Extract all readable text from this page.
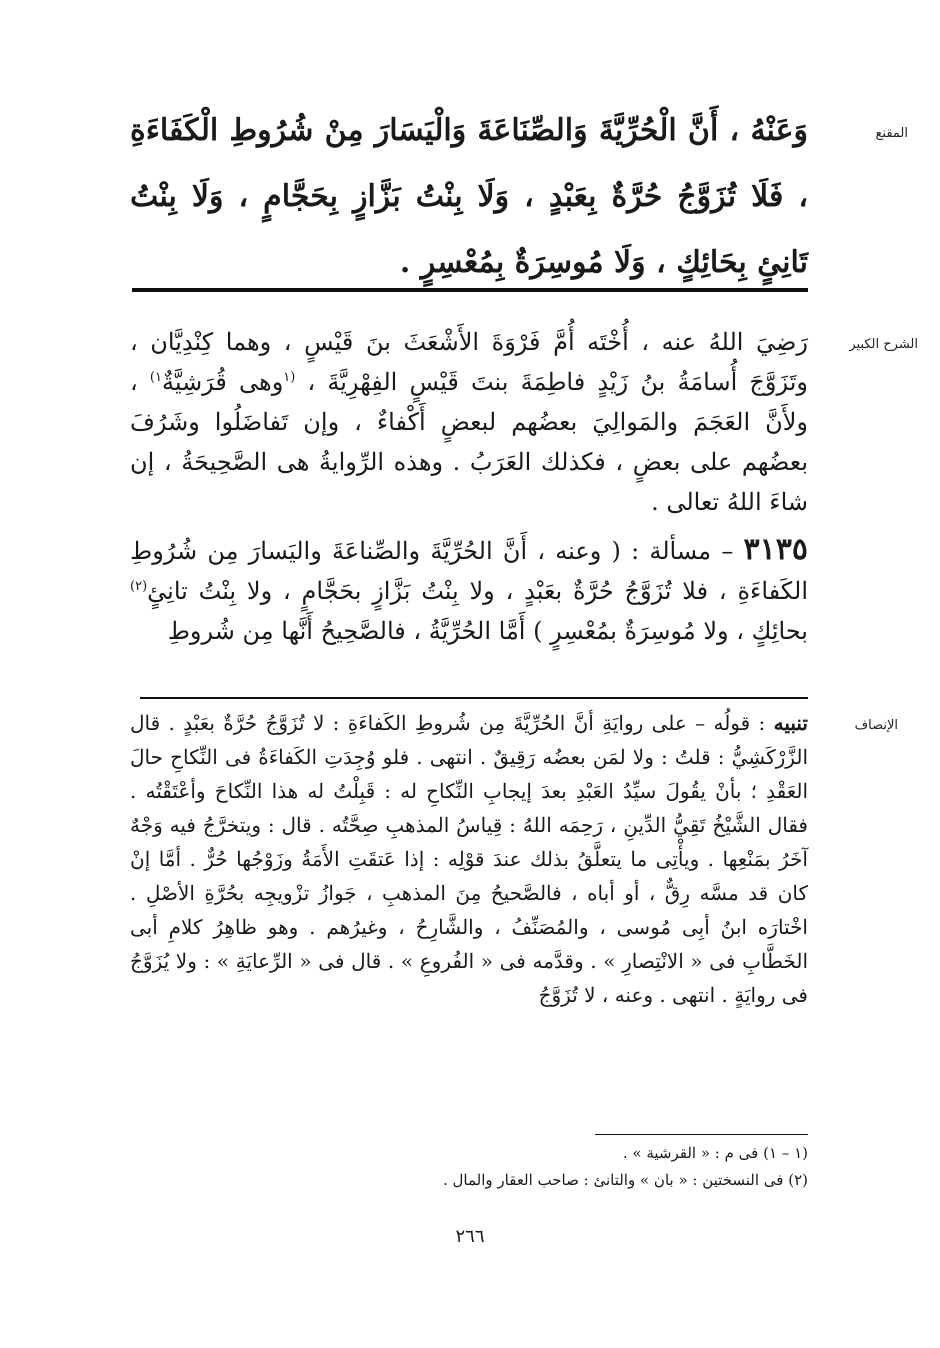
المقنع

وَعَنْهُ ، أَنَّ الْحُرِّيَّةَ وَالصِّنَاعَةَ وَالْيَسَارَ مِنْ شُرُوطِ الْكَفَاءَةِ ، فَلَا تُزَوَّجُ حُرَّةٌ بِعَبْدٍ ، وَلَا بِنْتُ بَزَّازٍ بِحَجَّامٍ ، وَلَا بِنْتُ تَانِئٍ بِحَائِكٍ ، وَلَا مُوسِرَةٌ بِمُعْسِرٍ .

الشرح الكبير

رَضِيَ اللهُ عنه ، أُخْتَه أُمَّ فَرْوَةَ الأَشْعَثَ بنَ قَيْسٍ ، وهما كِنْدِيَّان ، وتَزَوَّجَ أُسامَةُ بنُ زَيْدٍ فاطِمَةَ بنتَ قَيْسٍ الفِهْرِيَّةَ ، $^{(١}$وهى قُرَشِيَّةٌ$^{١)}$ ، ولأَنَّ العَجَمَ والمَوالِيَ بعضُهم لبعضٍ أَكْفاءٌ ، وإن تَفاضَلُوا وشَرُفَ بعضُهم على بعضٍ ، فكذلك العَرَبُ . وهذه الرِّوايةُ هى الصَّحِيحَةُ ، إن شاءَ اللهُ تعالى .

٣١٣٥ – مسألة : ( وعنه ، أَنَّ الحُرِّيَّةَ والصِّناعَةَ واليَسارَ مِن شُرُوطِ الكَفاءَةِ ، فلا تُزَوَّجُ حُرَّةٌ بعَبْدٍ ، ولا بِنْتُ بَزَّازٍ بحَجَّامٍ ، ولا بِنْتُ تانِئٍ$^{(٢)}$ بحائِكٍ ، ولا مُوسِرَةٌ بمُعْسِرٍ ) أَمَّا الحُرِّيَّةُ ، فالصَّحِيحُ أَنَّها مِن شُروطِ

الإنصاف

تنبيه : قولُه – على روايَةِ أنَّ الحُرِّيَّةَ مِن شُروطِ الكَفاءَةِ : لا تُزَوَّجُ حُرَّةٌ بعَبْدٍ . قال الزَّرْكَشِيُّ : قلتُ : ولا لمَن بعضُه رَقِيقٌ . انتهى . فلو وُجِدَتِ الكَفاءَةُ فى النِّكاحِ حالَ العَقْدِ ؛ بأنْ يقُولَ سيِّدُ العَبْدِ بعدَ إيجابِ النِّكاحِ له : قَبِلْتُ له هذا النِّكاحَ وأعْتَقْتُه . فقال الشَّيْخُ تَقِيُّ الدِّينِ ، رَحِمَه اللهُ : قِياسُ المذهبِ صِحَّتُه . قال : ويتخرَّجُ فيه وَجْهٌ آخَرُ بمَنْعِها . ويأْتِى ما يتعلَّقُ بذلك عندَ قوْلِه : إذا عَتقَتِ الأَمَةُ وزَوْجُها حُرٌّ . أمَّا إنْ كان قد مسَّه رِقٌّ ، أو أباه ، فالصَّحيحُ مِنَ المذهبِ ، جَوازُ تزْويجِه بحُرَّةِ الأصْلِ . اخْتارَه ابنُ أبِى مُوسى ، والمُصَنِّفُ ، والشَّارِحُ ، وغيرُهم . وهو ظاهِرُ كلامِ أبى الخَطَّابِ فى « الانْتِصارِ » . وقدَّمه فى « الفُروعِ » . قال فى « الرِّعايَةِ » : ولا يُزَوَّجُ فى روايَةٍ . انتهى . وعنه ، لا تُزَوَّجُ

(١ – ١) فى م : « القرشية » .

(٢) فى النسختين : « بان » والتانئ : صاحب العقار والمال .

٢٦٦
